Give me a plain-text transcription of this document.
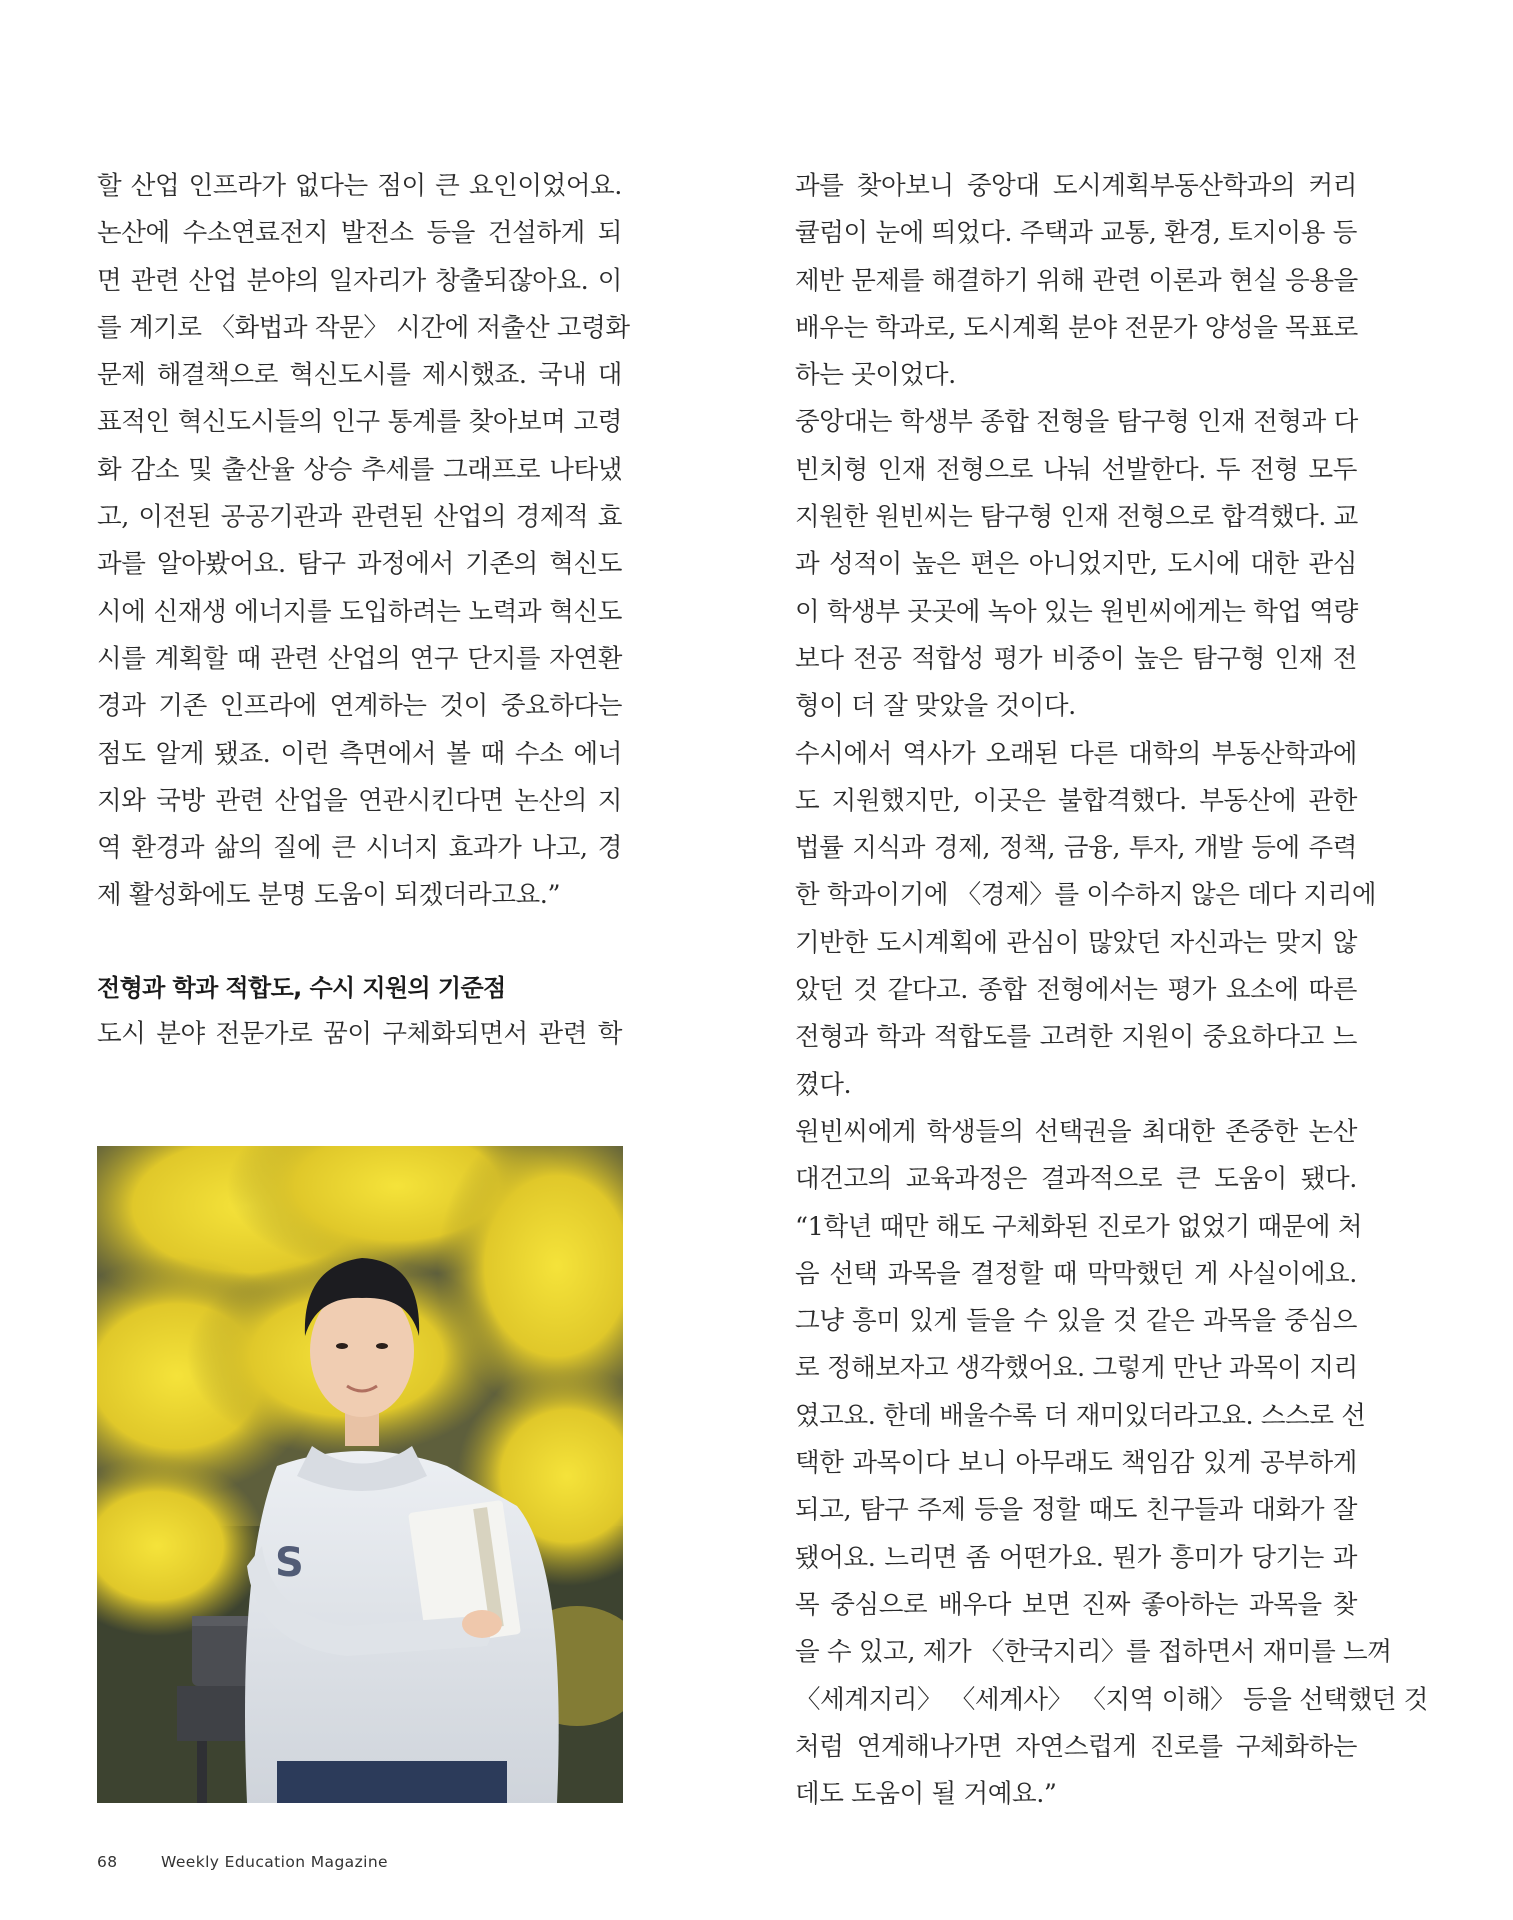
할 산업 인프라가 없다는 점이 큰 요인이었어요.
논산에 수소연료전지 발전소 등을 건설하게 되
면 관련 산업 분야의 일자리가 창출되잖아요. 이
를 계기로 〈화법과 작문〉 시간에 저출산 고령화
문제 해결책으로 혁신도시를 제시했죠. 국내 대
표적인 혁신도시들의 인구 통계를 찾아보며 고령
화 감소 및 출산율 상승 추세를 그래프로 나타냈
고, 이전된 공공기관과 관련된 산업의 경제적 효
과를 알아봤어요. 탐구 과정에서 기존의 혁신도
시에 신재생 에너지를 도입하려는 노력과 혁신도
시를 계획할 때 관련 산업의 연구 단지를 자연환
경과 기존 인프라에 연계하는 것이 중요하다는
점도 알게 됐죠. 이런 측면에서 볼 때 수소 에너
지와 국방 관련 산업을 연관시킨다면 논산의 지
역 환경과 삶의 질에 큰 시너지 효과가 나고, 경
제 활성화에도 분명 도움이 되겠더라고요.”
전형과 학과 적합도, 수시 지원의 기준점
도시 분야 전문가로 꿈이 구체화되면서 관련 학
과를 찾아보니 중앙대 도시계획부동산학과의 커리
큘럼이 눈에 띄었다. 주택과 교통, 환경, 토지이용 등
제반 문제를 해결하기 위해 관련 이론과 현실 응용을
배우는 학과로, 도시계획 분야 전문가 양성을 목표로
하는 곳이었다.
중앙대는 학생부 종합 전형을 탐구형 인재 전형과 다
빈치형 인재 전형으로 나눠 선발한다. 두 전형 모두
지원한 원빈씨는 탐구형 인재 전형으로 합격했다. 교
과 성적이 높은 편은 아니었지만, 도시에 대한 관심
이 학생부 곳곳에 녹아 있는 원빈씨에게는 학업 역량
보다 전공 적합성 평가 비중이 높은 탐구형 인재 전
형이 더 잘 맞았을 것이다.
수시에서 역사가 오래된 다른 대학의 부동산학과에
도 지원했지만, 이곳은 불합격했다. 부동산에 관한
법률 지식과 경제, 정책, 금융, 투자, 개발 등에 주력
한 학과이기에 〈경제〉를 이수하지 않은 데다 지리에
기반한 도시계획에 관심이 많았던 자신과는 맞지 않
았던 것 같다고. 종합 전형에서는 평가 요소에 따른
전형과 학과 적합도를 고려한 지원이 중요하다고 느
꼈다.
원빈씨에게 학생들의 선택권을 최대한 존중한 논산
대건고의 교육과정은 결과적으로 큰 도움이 됐다.
“1학년 때만 해도 구체화된 진로가 없었기 때문에 처
음 선택 과목을 결정할 때 막막했던 게 사실이에요.
그냥 흥미 있게 들을 수 있을 것 같은 과목을 중심으
로 정해보자고 생각했어요. 그렇게 만난 과목이 지리
였고요. 한데 배울수록 더 재미있더라고요. 스스로 선
택한 과목이다 보니 아무래도 책임감 있게 공부하게
되고, 탐구 주제 등을 정할 때도 친구들과 대화가 잘
됐어요. 느리면 좀 어떤가요. 뭔가 흥미가 당기는 과
목 중심으로 배우다 보면 진짜 좋아하는 과목을 찾
을 수 있고, 제가 〈한국지리〉를 접하면서 재미를 느껴
〈세계지리〉 〈세계사〉 〈지역 이해〉 등을 선택했던 것
처럼 연계해나가면 자연스럽게 진로를 구체화하는
데도 도움이 될 거예요.”
S
68	Weekly Education Magazine
